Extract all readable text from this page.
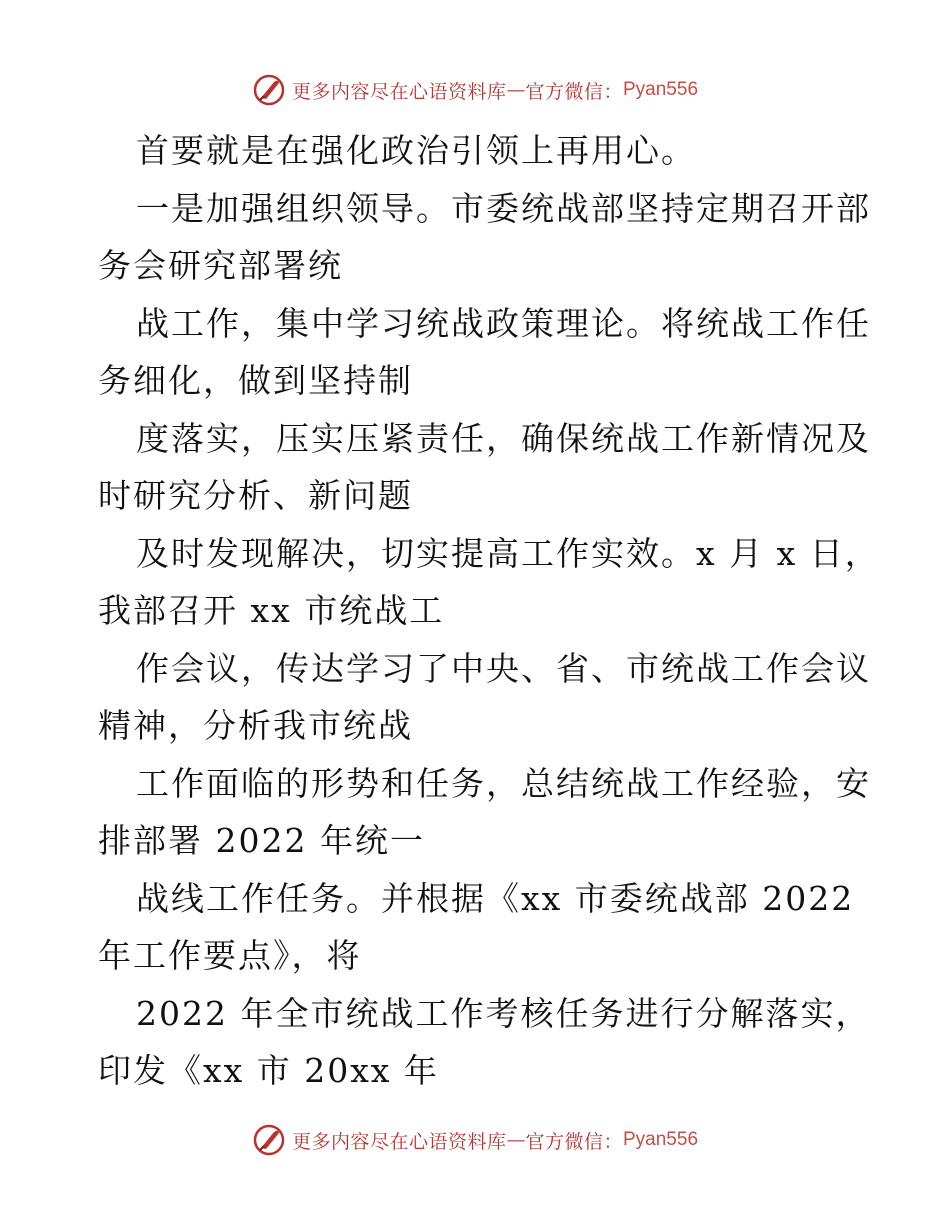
更多内容尽在心语资料库 — 官方微信： Pyan556
首要就是在强化政治引领上再用心。
一是加强组织领导。市委统战部坚持定期召开部
务会研究部署统
战工作，集中学习统战政策理论。将统战工作任
务细化，做到坚持制
度落实，压实压紧责任，确保统战工作新情况及
时研究分析、新问题
及时发现解决，切实提高工作实效。x 月 x 日，
我部召开 xx 市统战工
作会议，传达学习了中央、省、市统战工作会议
精神，分析我市统战
工作面临的形势和任务，总结统战工作经验，安
排部署 2022 年统一
战线工作任务。并根据《xx 市委统战部 2022
年工作要点》，将
2022 年全市统战工作考核任务进行分解落实，
印发《xx 市 20xx 年
更多内容尽在心语资料库 — 官方微信： Pyan556
